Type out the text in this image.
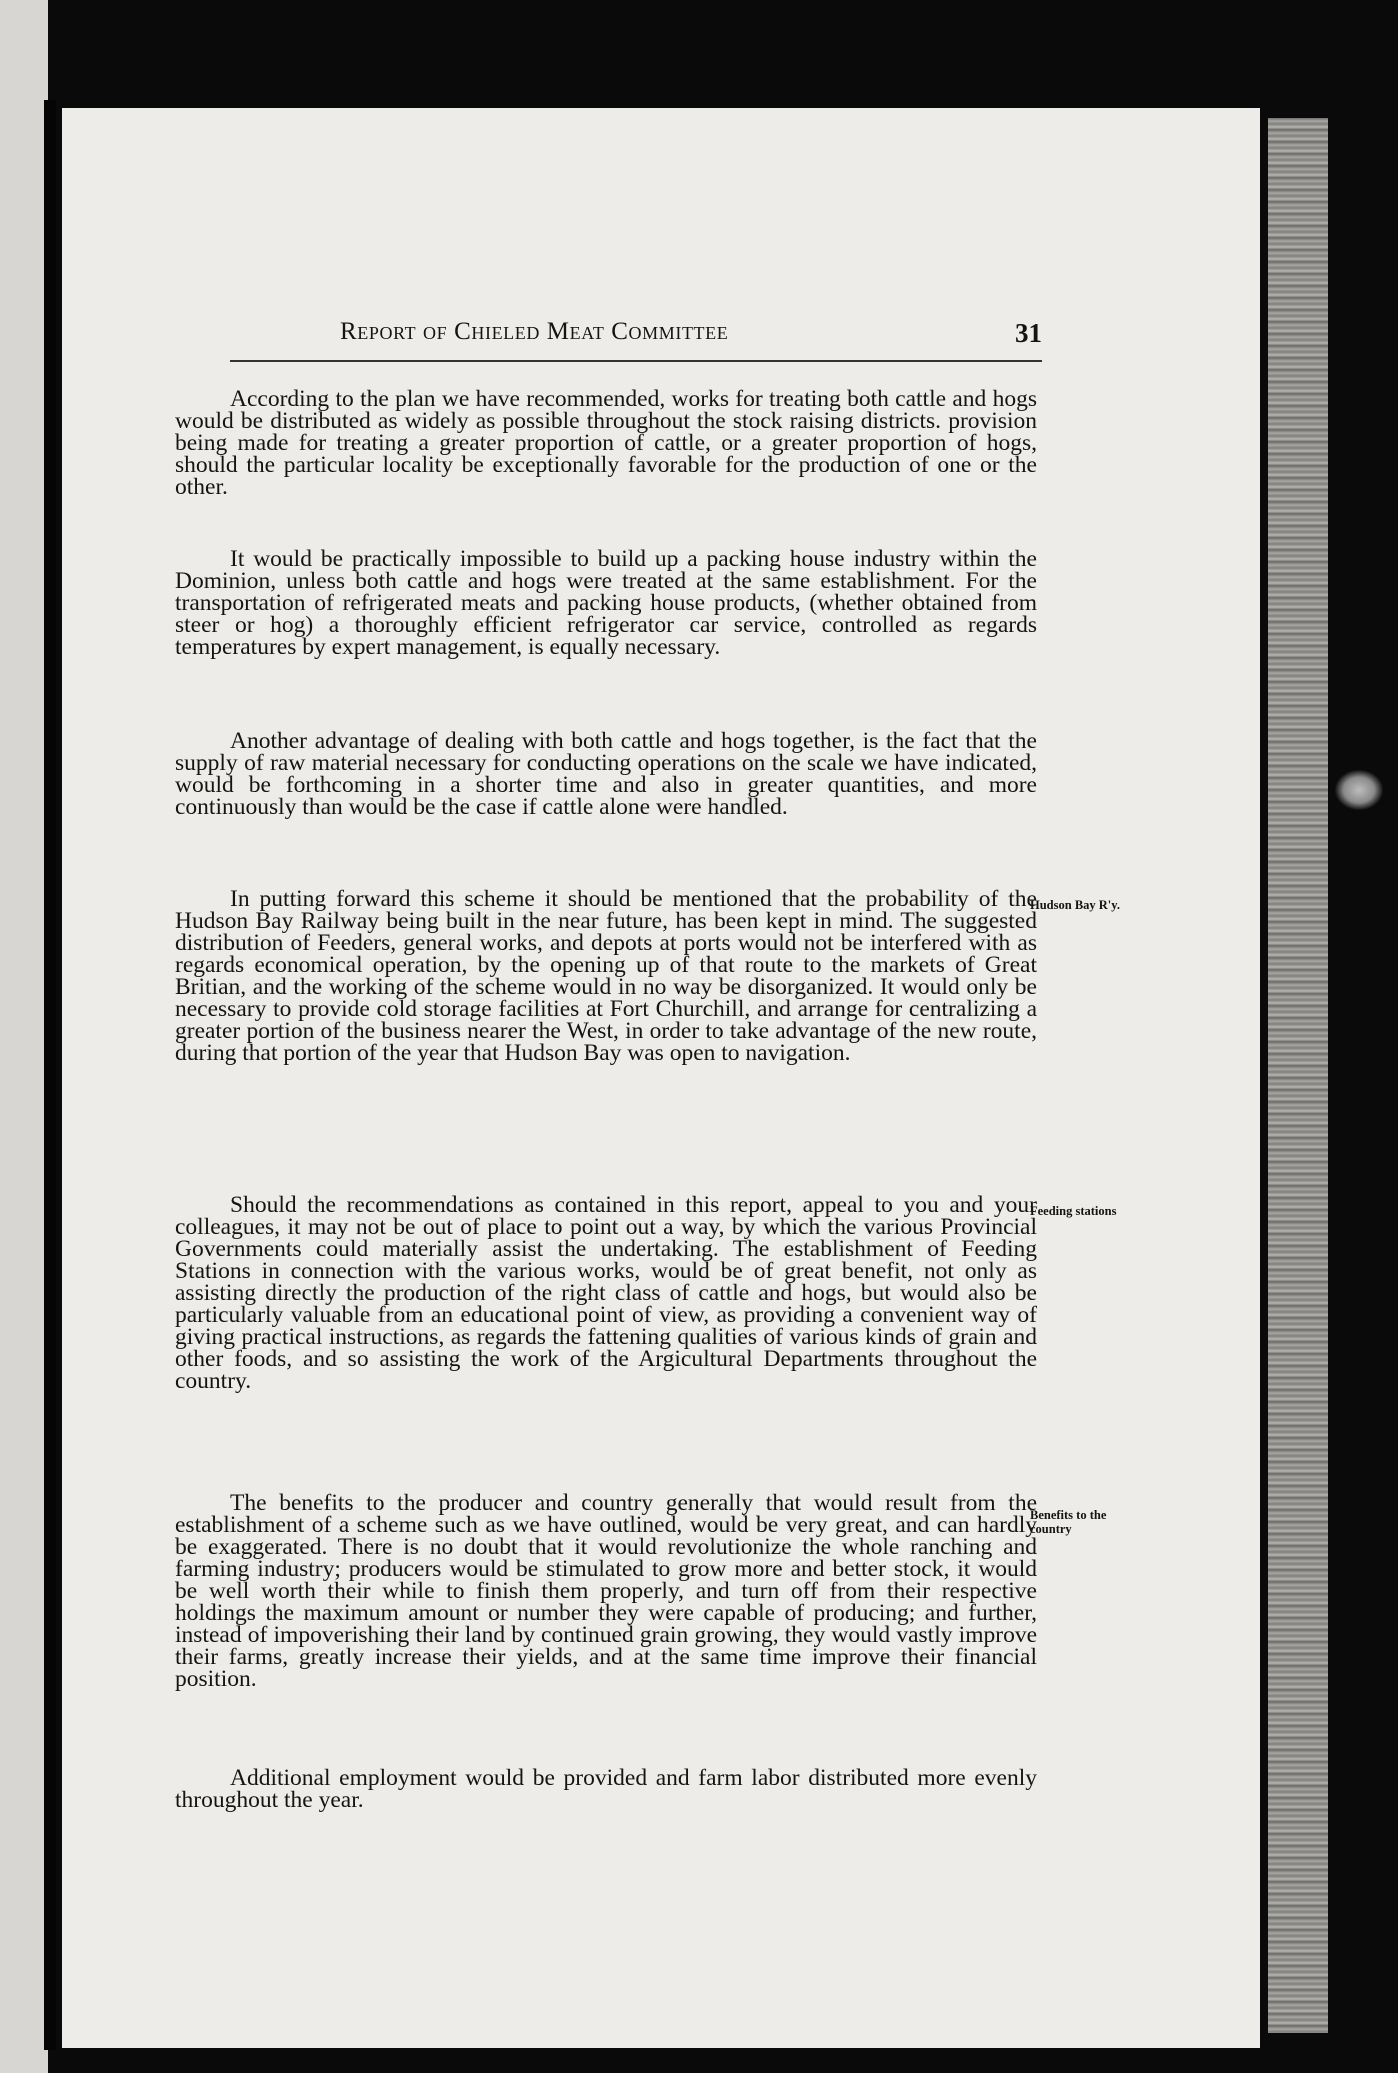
Report of Chieled Meat Committee	31

According to the plan we have recommended, works for treating both cattle and hogs would be distributed as widely as possible throughout the stock raising districts. provision being made for treating a greater proportion of cattle, or a greater proportion of hogs, should the particular locality be exceptionally favorable for the production of one or the other.

It would be practically impossible to build up a packing house industry within the Dominion, unless both cattle and hogs were treated at the same establishment. For the transportation of refrigerated meats and packing house products, (whether obtained from steer or hog) a thoroughly efficient refrigerator car service, controlled as regards temperatures by expert management, is equally necessary.

Another advantage of dealing with both cattle and hogs together, is the fact that the supply of raw material necessary for conducting operations on the scale we have indicated, would be forthcoming in a shorter time and also in greater quantities, and more continuously than would be the case if cattle alone were handled.

In putting forward this scheme it should be mentioned that the probability of the Hudson Bay Railway being built in the near future, has been kept in mind. The suggested distribution of Feeders, general works, and depots at ports would not be interfered with as regards economical operation, by the opening up of that route to the markets of Great Britian, and the working of the scheme would in no way be disorganized. It would only be necessary to provide cold storage facilities at Fort Churchill, and arrange for centralizing a greater portion of the business nearer the West, in order to take advantage of the new route, during that portion of the year that Hudson Bay was open to navigation.

Should the recommendations as contained in this report, appeal to you and your colleagues, it may not be out of place to point out a way, by which the various Provincial Governments could materially assist the undertaking. The establishment of Feeding Stations in connection with the various works, would be of great benefit, not only as assisting directly the production of the right class of cattle and hogs, but would also be particularly valuable from an educational point of view, as providing a convenient way of giving practical instructions, as regards the fattening qualities of various kinds of grain and other foods, and so assisting the work of the Argicultural Departments throughout the country.

The benefits to the producer and country generally that would result from the establishment of a scheme such as we have outlined, would be very great, and can hardly be exaggerated. There is no doubt that it would revolutionize the whole ranching and farming industry; producers would be stimulated to grow more and better stock, it would be well worth their while to finish them properly, and turn off from their respective holdings the maximum amount or number they were capable of producing; and further, instead of impoverishing their land by continued grain growing, they would vastly improve their farms, greatly increase their yields, and at the same time improve their financial position.

Additional employment would be provided and farm labor distributed more evenly throughout the year.

Hudson Bay R'y.
Feeding stations
Benefits to the country
